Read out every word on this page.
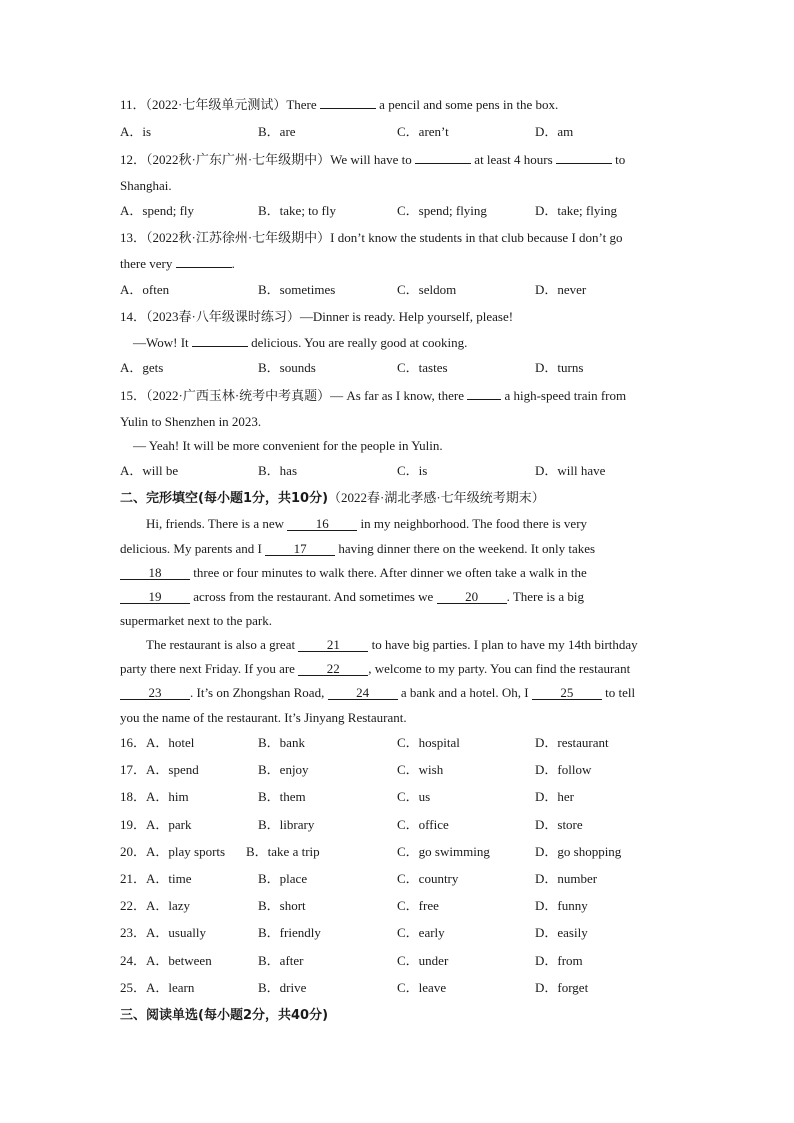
11．（2022·七年级单元测试）There	a pencil and some pens in the box.
A．is	B．are	C．aren’t	D．am
12．（2022秋·广东广州·七年级期中）We will have to	at least 4 hours	to
Shanghai.
A．spend; fly	B．take; to fly	C．spend; flying	D．take; flying
13．（2022秋·江苏徐州·七年级期中）I don’t know the students in that club because I don’t go
there very	.
A．often	B．sometimes	C．seldom	D．never
14．（2023春·八年级课时练习）—Dinner is ready. Help yourself, please!
—Wow! It	delicious. You are really good at cooking.
A．gets	B．sounds	C．tastes	D．turns
15．（2022·广西玉林·统考中考真题）— As far as I know, there	a high-speed train from
Yulin to Shenzhen in 2023.
— Yeah! It will be more convenient for the people in Yulin.
A．will be	B．has	C．is	D．will have
二、完形填空(每小题1分，共10分)（2022春·湖北孝感·七年级统考期末）
Hi, friends. There is a new 16 in my neighborhood. The food there is very
delicious. My parents and I 17 having dinner there on the weekend. It only takes
18 three or four minutes to walk there. After dinner we often take a walk in the
19 across from the restaurant. And sometimes we 20 . There is a big
supermarket next to the park.
The restaurant is also a great 21 to have big parties. I plan to have my 14th birthday
party there next Friday. If you are 22 , welcome to my party. You can find the restaurant
23 . It’s on Zhongshan Road, 24 a bank and a hotel. Oh, I 25 to tell
you the name of the restaurant. It’s Jinyang Restaurant.
16．A．hotel	B．bank	C．hospital	D．restaurant
17．A．spend	B．enjoy	C．wish	D．follow
18．A．him	B．them	C．us	D．her
19．A．park	B．library	C．office	D．store
20．A．play sports B．take a trip	C．go swimming	D．go shopping
21．A．time	B．place	C．country	D．number
22．A．lazy	B．short	C．free	D．funny
23．A．usually	B．friendly	C．early	D．easily
24．A．between	B．after	C．under	D．from
25．A．learn	B．drive	C．leave	D．forget
三、阅读单选(每小题2分，共40分)
